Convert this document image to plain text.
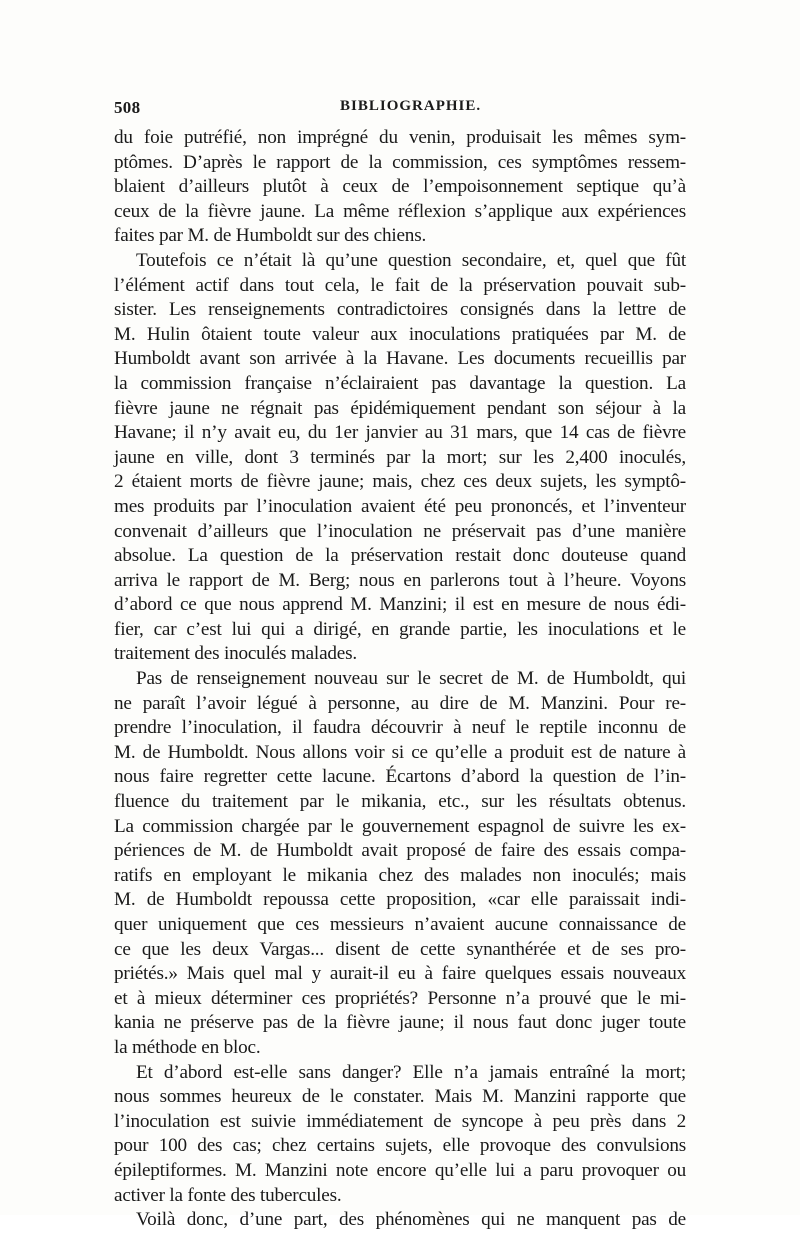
508	BIBLIOGRAPHIE.
du foie putréfié, non imprégné du venin, produisait les mêmes sym-
ptômes. D’après le rapport de la commission, ces symptômes ressem-
blaient d’ailleurs plutôt à ceux de l’empoisonnement septique qu’à
ceux de la fièvre jaune. La même réflexion s’applique aux expériences
faites par M. de Humboldt sur des chiens.
Toutefois ce n’était là qu’une question secondaire, et, quel que fût
l’élément actif dans tout cela, le fait de la préservation pouvait sub-
sister. Les renseignements contradictoires consignés dans la lettre de
M. Hulin ôtaient toute valeur aux inoculations pratiquées par M. de
Humboldt avant son arrivée à la Havane. Les documents recueillis par
la commission française n’éclairaient pas davantage la question. La
fièvre jaune ne régnait pas épidémiquement pendant son séjour à la
Havane; il n’y avait eu, du 1er janvier au 31 mars, que 14 cas de fièvre
jaune en ville, dont 3 terminés par la mort; sur les 2,400 inoculés,
2 étaient morts de fièvre jaune; mais, chez ces deux sujets, les symptô-
mes produits par l’inoculation avaient été peu prononcés, et l’inventeur
convenait d’ailleurs que l’inoculation ne préservait pas d’une manière
absolue. La question de la préservation restait donc douteuse quand
arriva le rapport de M. Berg; nous en parlerons tout à l’heure. Voyons
d’abord ce que nous apprend M. Manzini; il est en mesure de nous édi-
fier, car c’est lui qui a dirigé, en grande partie, les inoculations et le
traitement des inoculés malades.
Pas de renseignement nouveau sur le secret de M. de Humboldt, qui
ne paraît l’avoir légué à personne, au dire de M. Manzini. Pour re-
prendre l’inoculation, il faudra découvrir à neuf le reptile inconnu de
M. de Humboldt. Nous allons voir si ce qu’elle a produit est de nature à
nous faire regretter cette lacune. Écartons d’abord la question de l’in-
fluence du traitement par le mikania, etc., sur les résultats obtenus.
La commission chargée par le gouvernement espagnol de suivre les ex-
périences de M. de Humboldt avait proposé de faire des essais compa-
ratifs en employant le mikania chez des malades non inoculés; mais
M. de Humboldt repoussa cette proposition, «car elle paraissait indi-
quer uniquement que ces messieurs n’avaient aucune connaissance de
ce que les deux Vargas... disent de cette synanthérée et de ses pro-
priétés.» Mais quel mal y aurait-il eu à faire quelques essais nouveaux
et à mieux déterminer ces propriétés? Personne n’a prouvé que le mi-
kania ne préserve pas de la fièvre jaune; il nous faut donc juger toute
la méthode en bloc.
Et d’abord est-elle sans danger? Elle n’a jamais entraîné la mort;
nous sommes heureux de le constater. Mais M. Manzini rapporte que
l’inoculation est suivie immédiatement de syncope à peu près dans 2
pour 100 des cas; chez certains sujets, elle provoque des convulsions
épileptiformes. M. Manzini note encore qu’elle lui a paru provoquer ou
activer la fonte des tubercules.
Voilà donc, d’une part, des phénomènes qui ne manquent pas de
